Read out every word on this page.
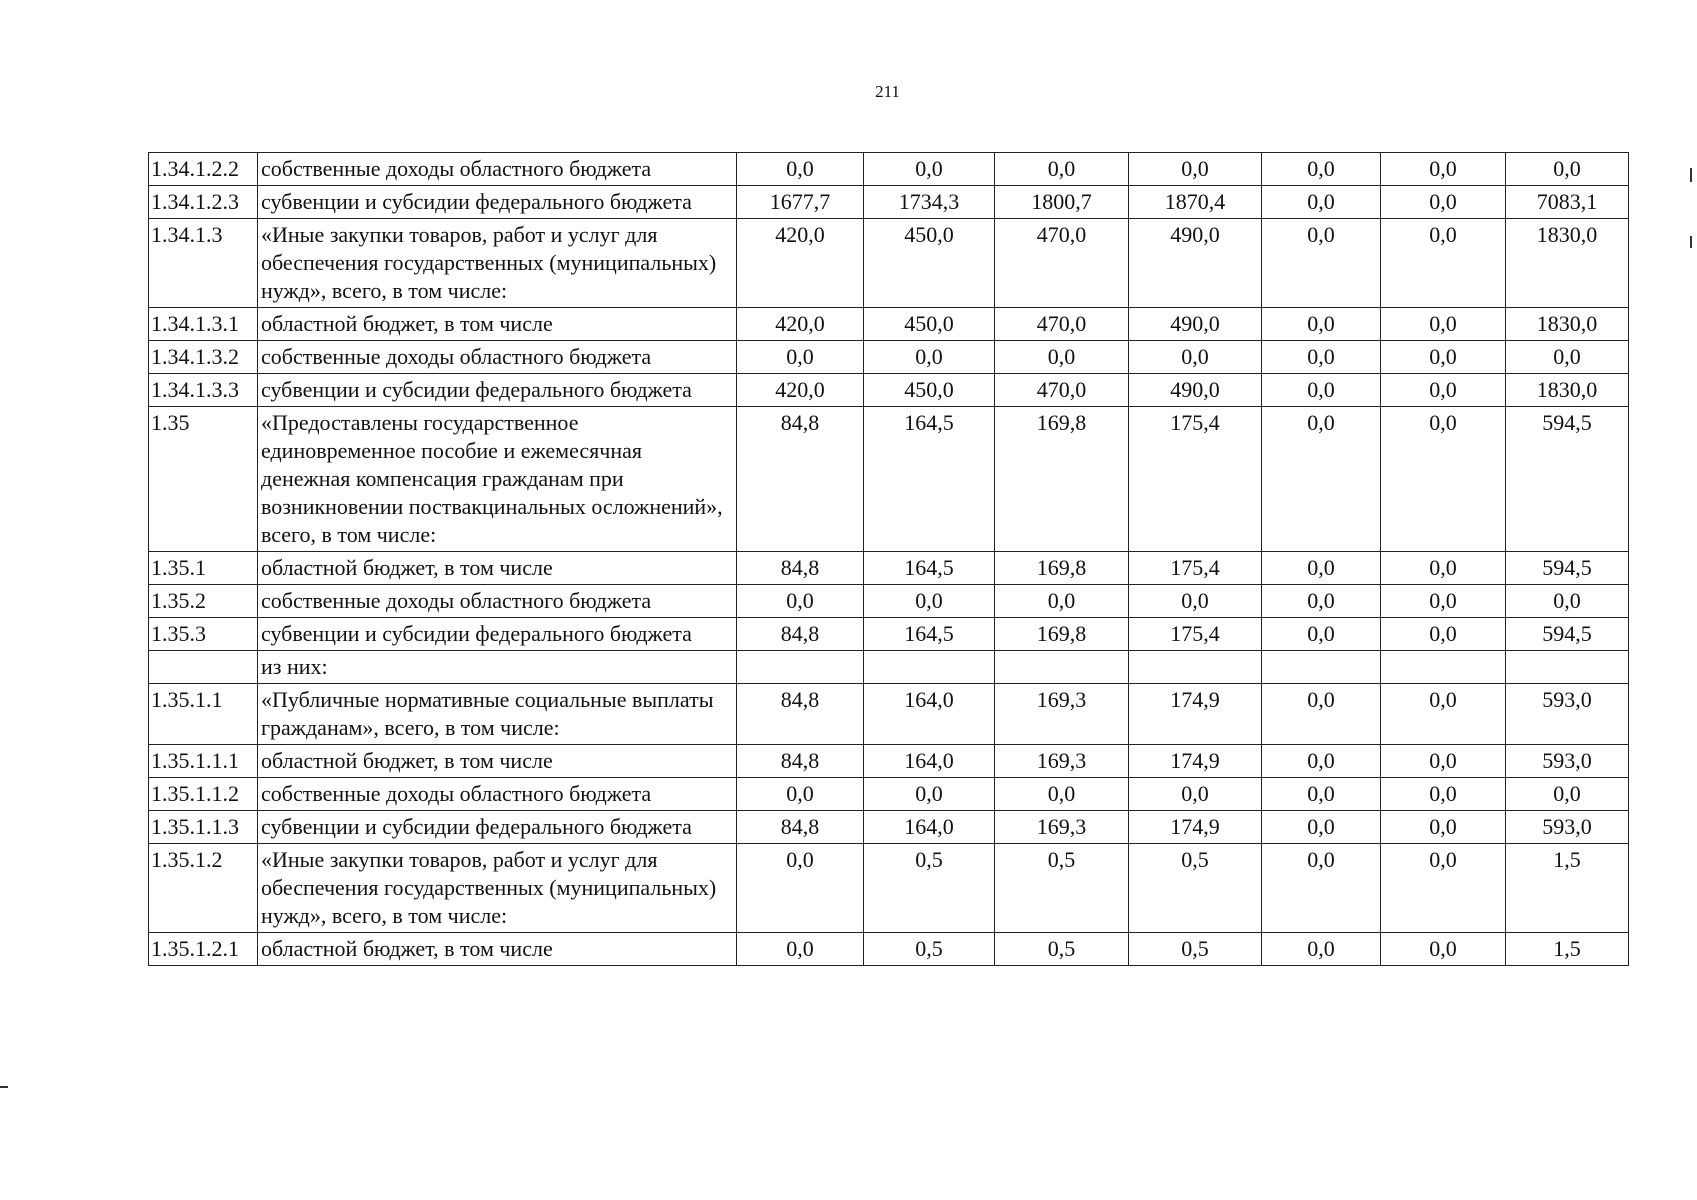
211
1.34.1.2.2	собственные доходы областного бюджета	0,0	0,0	0,0	0,0	0,0	0,0	0,0
1.34.1.2.3	субвенции и субсидии федерального бюджета	1677,7	1734,3	1800,7	1870,4	0,0	0,0	7083,1
1.34.1.3	«Иные закупки товаров, работ и услуг для обеспечения государственных (муниципальных) нужд», всего, в том числе:	420,0	450,0	470,0	490,0	0,0	0,0	1830,0
1.34.1.3.1	областной бюджет, в том числе	420,0	450,0	470,0	490,0	0,0	0,0	1830,0
1.34.1.3.2	собственные доходы областного бюджета	0,0	0,0	0,0	0,0	0,0	0,0	0,0
1.34.1.3.3	субвенции и субсидии федерального бюджета	420,0	450,0	470,0	490,0	0,0	0,0	1830,0
1.35	«Предоставлены государственное единовременное пособие и ежемесячная денежная компенсация гражданам при возникновении поствакцинальных осложнений», всего, в том числе:	84,8	164,5	169,8	175,4	0,0	0,0	594,5
1.35.1	областной бюджет, в том числе	84,8	164,5	169,8	175,4	0,0	0,0	594,5
1.35.2	собственные доходы областного бюджета	0,0	0,0	0,0	0,0	0,0	0,0	0,0
1.35.3	субвенции и субсидии федерального бюджета	84,8	164,5	169,8	175,4	0,0	0,0	594,5
	из них:							
1.35.1.1	«Публичные нормативные социальные выплаты гражданам», всего, в том числе:	84,8	164,0	169,3	174,9	0,0	0,0	593,0
1.35.1.1.1	областной бюджет, в том числе	84,8	164,0	169,3	174,9	0,0	0,0	593,0
1.35.1.1.2	собственные доходы областного бюджета	0,0	0,0	0,0	0,0	0,0	0,0	0,0
1.35.1.1.3	субвенции и субсидии федерального бюджета	84,8	164,0	169,3	174,9	0,0	0,0	593,0
1.35.1.2	«Иные закупки товаров, работ и услуг для обеспечения государственных (муниципальных) нужд», всего, в том числе:	0,0	0,5	0,5	0,5	0,0	0,0	1,5
1.35.1.2.1	областной бюджет, в том числе	0,0	0,5	0,5	0,5	0,0	0,0	1,5
